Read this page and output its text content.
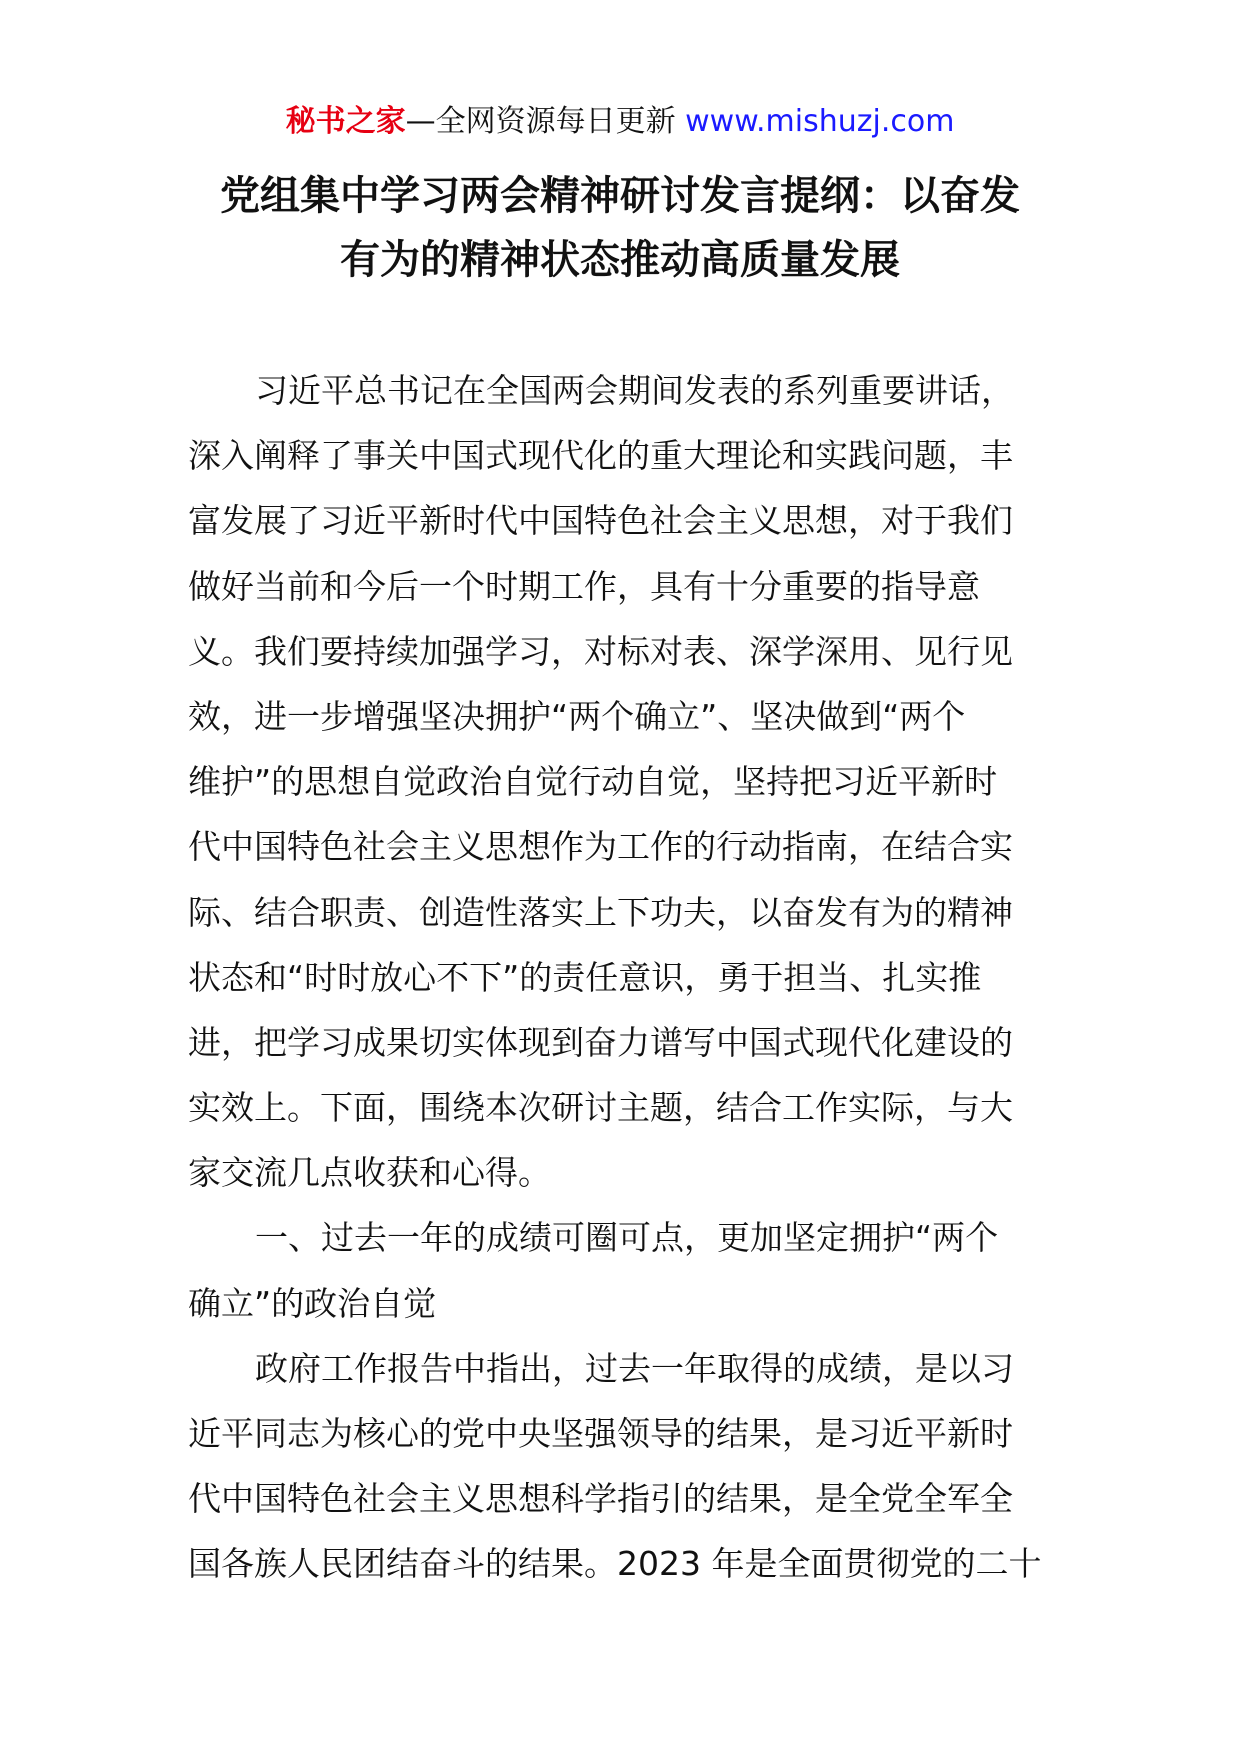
秘书之家—全网资源每日更新 www.mishuzj.com
党组集中学习两会精神研讨发言提纲：以奋发
有为的精神状态推动高质量发展
习近平总书记在全国两会期间发表的系列重要讲话，
深入阐释了事关中国式现代化的重大理论和实践问题，丰
富发展了习近平新时代中国特色社会主义思想，对于我们
做好当前和今后一个时期工作，具有十分重要的指导意
义。我们要持续加强学习，对标对表、深学深用、见行见
效，进一步增强坚决拥护“两个确立”、坚决做到“两个
维护”的思想自觉政治自觉行动自觉，坚持把习近平新时
代中国特色社会主义思想作为工作的行动指南，在结合实
际、结合职责、创造性落实上下功夫，以奋发有为的精神
状态和“时时放心不下”的责任意识，勇于担当、扎实推
进，把学习成果切实体现到奋力谱写中国式现代化建设的
实效上。下面，围绕本次研讨主题，结合工作实际，与大
家交流几点收获和心得。
一、过去一年的成绩可圈可点，更加坚定拥护“两个
确立”的政治自觉
政府工作报告中指出，过去一年取得的成绩，是以习
近平同志为核心的党中央坚强领导的结果，是习近平新时
代中国特色社会主义思想科学指引的结果，是全党全军全
国各族人民团结奋斗的结果。2023 年是全面贯彻党的二十
